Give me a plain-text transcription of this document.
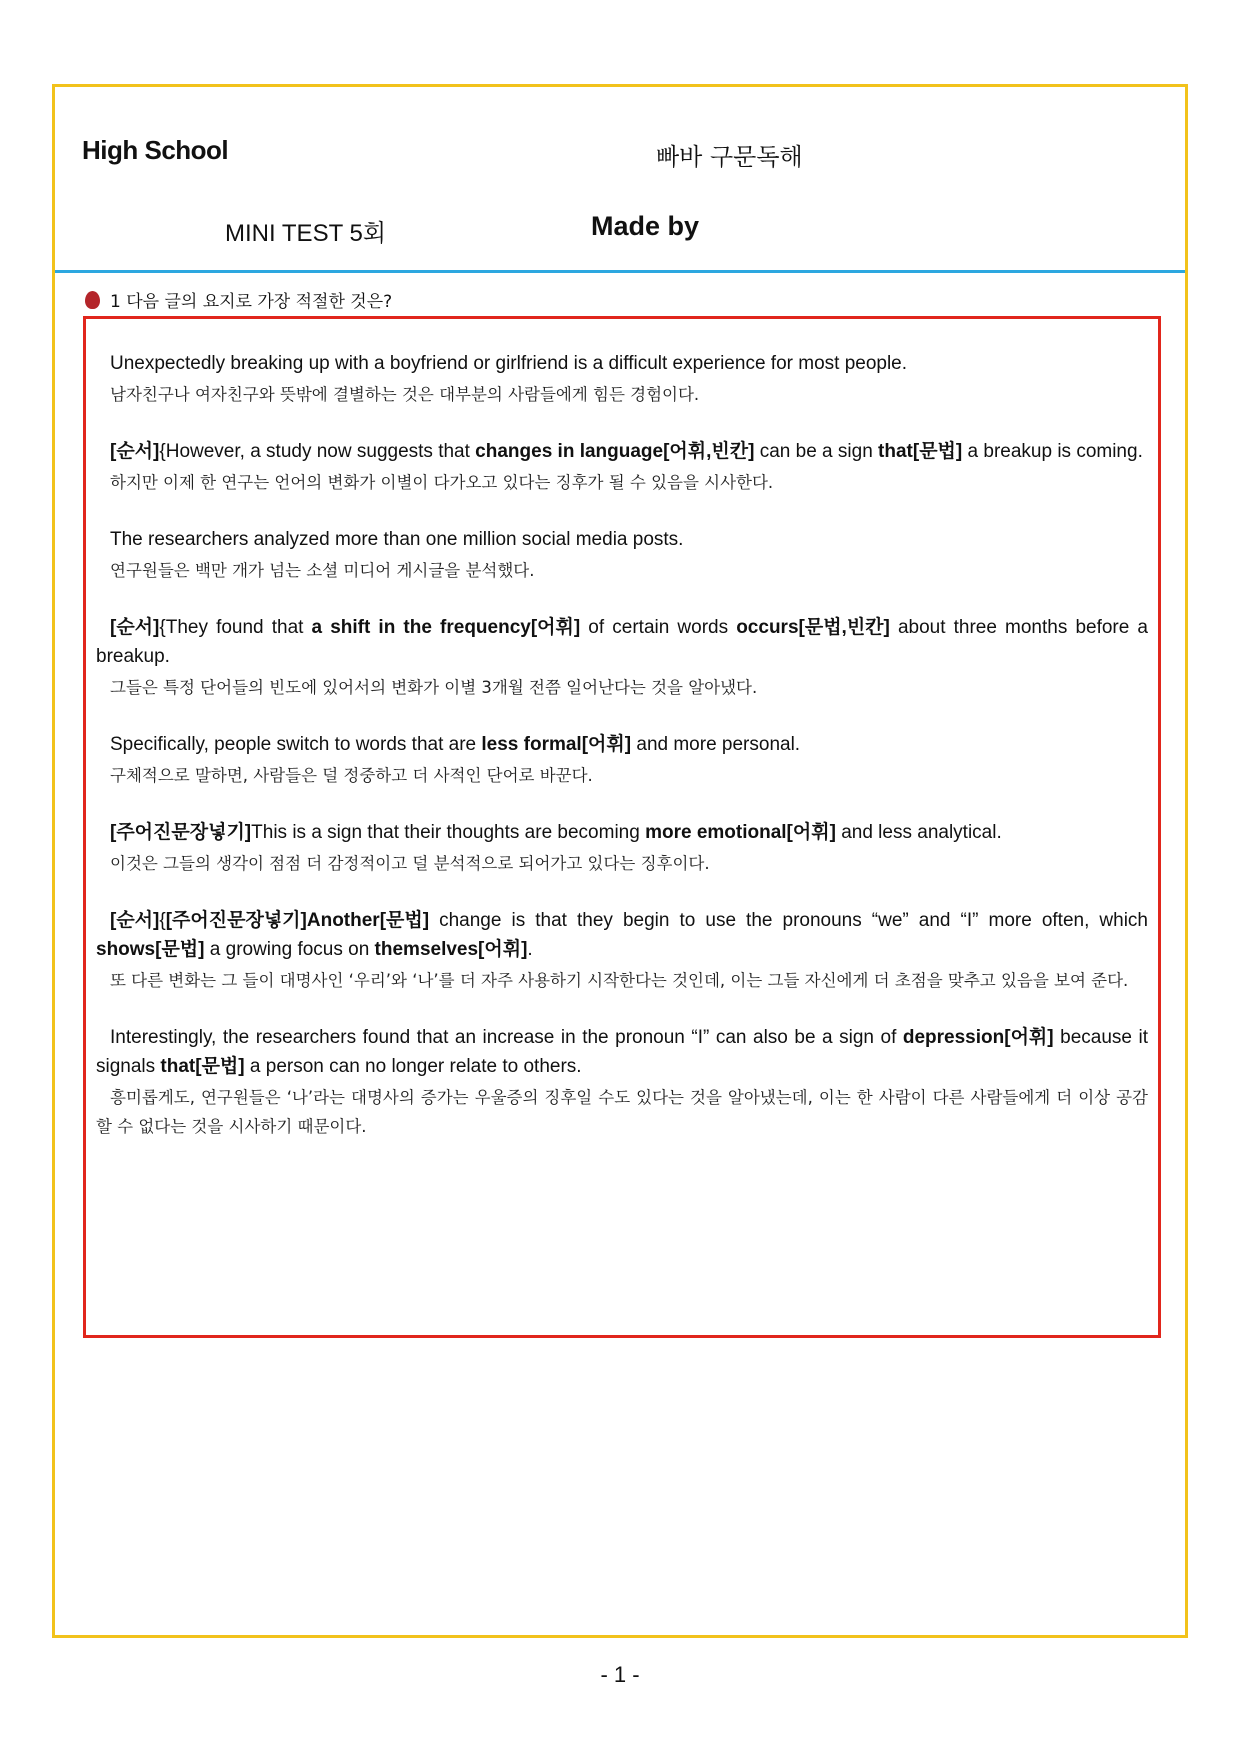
High School	빠바 구문독해
MINI TEST 5회	Made by
1 다음 글의 요지로 가장 적절한 것은?

Unexpectedly breaking up with a boyfriend or girlfriend is a difficult experience for most people.

남자친구나 여자친구와 뜻밖에 결별하는 것은 대부분의 사람들에게 힘든 경험이다.

[순서]{However, a study now suggests that changes in language[어휘,빈칸] can be a sign that[문법] a breakup is coming.

하지만 이제 한 연구는 언어의 변화가 이별이 다가오고 있다는 징후가 될 수 있음을 시사한다.

The researchers analyzed more than one million social media posts.

연구원들은 백만 개가 넘는 소셜 미디어 게시글을 분석했다.

[순서]{They found that a shift in the frequency[어휘] of certain words occurs[문법,빈칸] about three months before a breakup.

그들은 특정 단어들의 빈도에 있어서의 변화가 이별 3개월 전쯤 일어난다는 것을 알아냈다.

Specifically, people switch to words that are less formal[어휘] and more personal.

구체적으로 말하면, 사람들은 덜 정중하고 더 사적인 단어로 바꾼다.

[주어진문장넣기]This is a sign that their thoughts are becoming more emotional[어휘] and less analytical.

이것은 그들의 생각이 점점 더 감정적이고 덜 분석적으로 되어가고 있다는 징후이다.

[순서]{[주어진문장넣기]Another[문법] change is that they begin to use the pronouns “we” and “I” more often, which shows[문법] a growing focus on themselves[어휘].

또 다른 변화는 그 들이 대명사인 ‘우리’와 ‘나’를 더 자주 사용하기 시작한다는 것인데, 이는 그들 자신에게 더 초점을 맞추고 있음을 보여 준다.

Interestingly, the researchers found that an increase in the pronoun “I” can also be a sign of depression[어휘] because it signals that[문법] a person can no longer relate to others.

흥미롭게도, 연구원들은 ‘나’라는 대명사의 증가는 우울증의 징후일 수도 있다는 것을 알아냈는데, 이는 한 사람이 다른 사람들에게 더 이상 공감할 수 없다는 것을 시사하기 때문이다.

- 1 -
